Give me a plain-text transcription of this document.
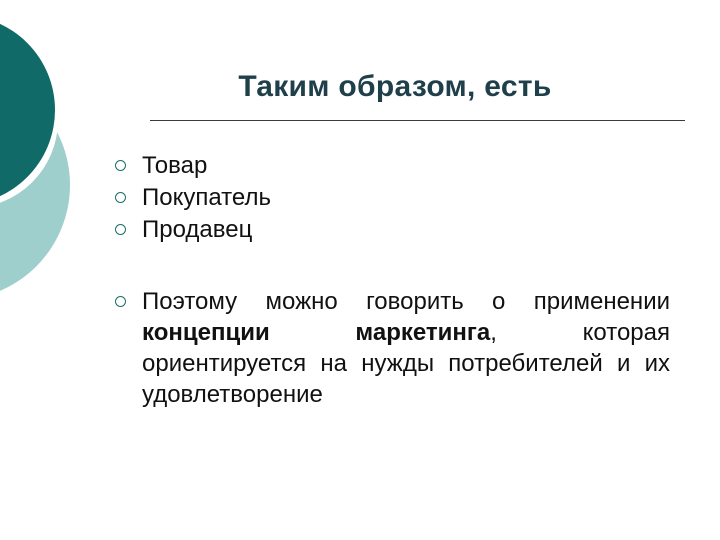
Таким образом, есть
Товар
Покупатель
Продавец
Поэтому можно говорить о применении концепции маркетинга, которая ориентируется на нужды потребителей и их удовлетворение
